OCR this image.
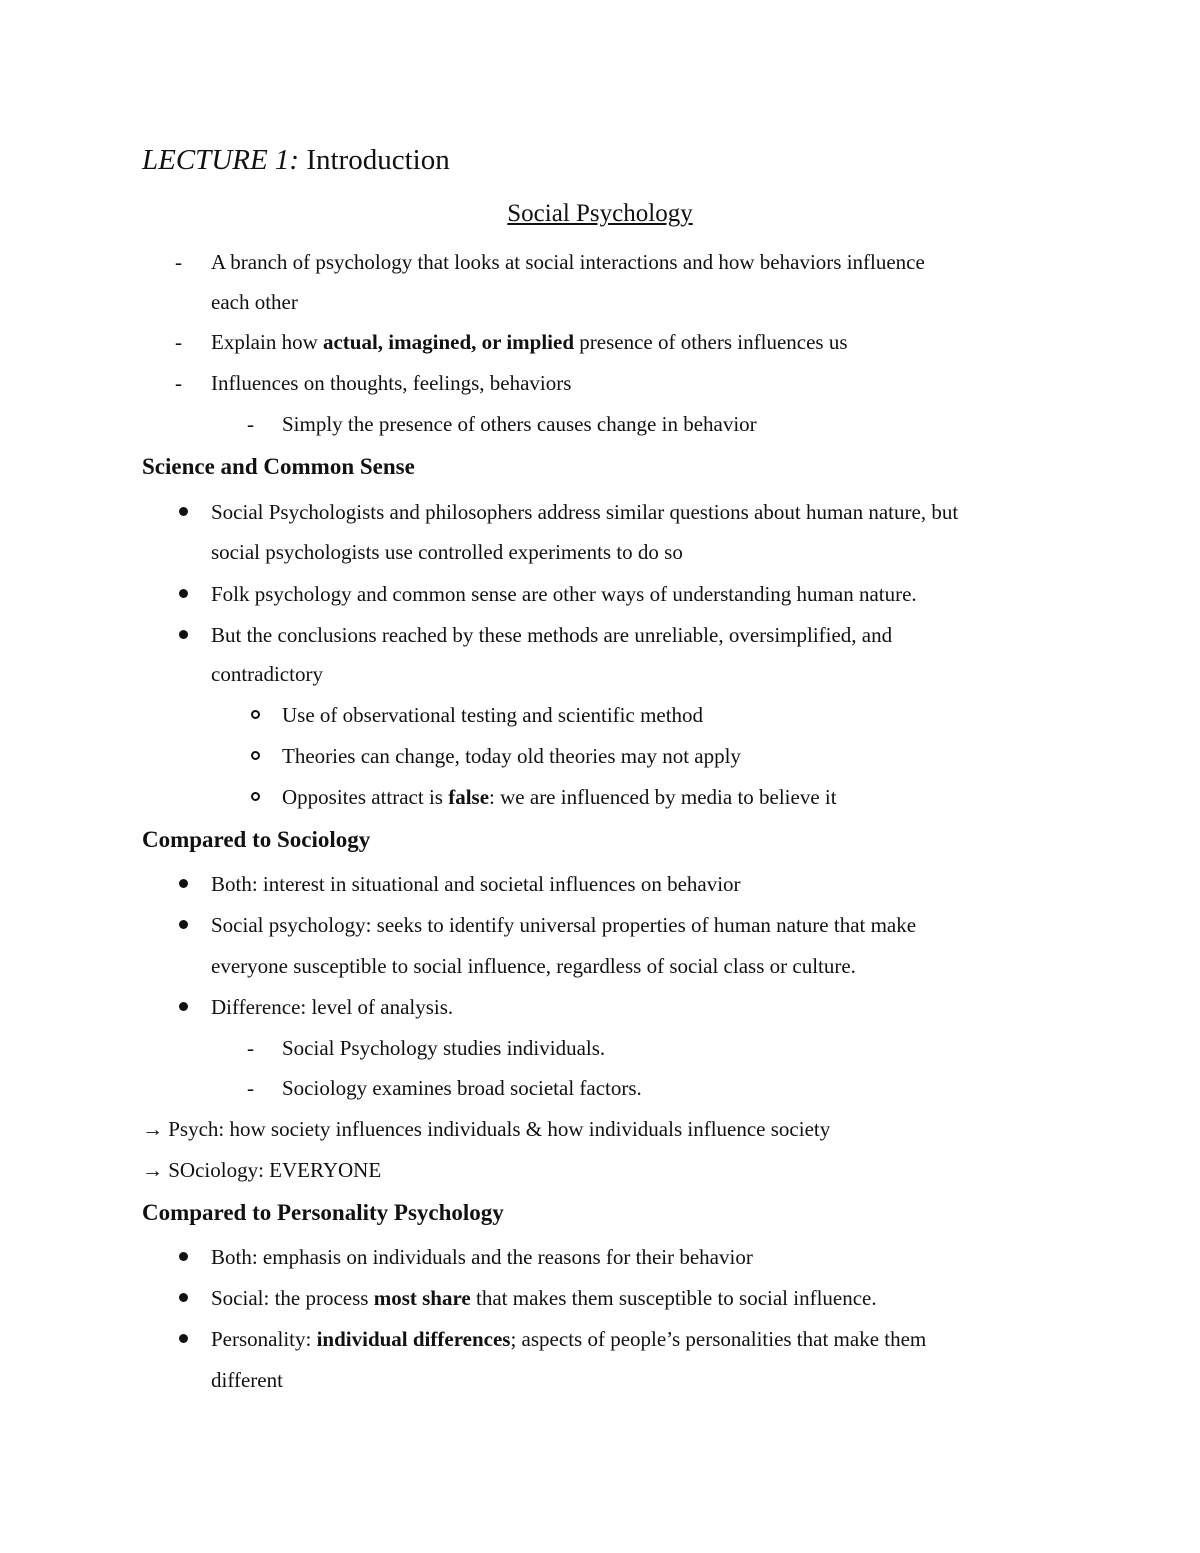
LECTURE 1: Introduction
Social Psychology
- A branch of psychology that looks at social interactions and how behaviors influence
each other
- Explain how actual, imagined, or implied presence of others influences us
- Influences on thoughts, feelings, behaviors
- Simply the presence of others causes change in behavior
Science and Common Sense
Social Psychologists and philosophers address similar questions about human nature, but
social psychologists use controlled experiments to do so
Folk psychology and common sense are other ways of understanding human nature.
But the conclusions reached by these methods are unreliable, oversimplified, and
contradictory
Use of observational testing and scientific method
Theories can change, today old theories may not apply
Opposites attract is false: we are influenced by media to believe it
Compared to Sociology
Both: interest in situational and societal influences on behavior
Social psychology: seeks to identify universal properties of human nature that make
everyone susceptible to social influence, regardless of social class or culture.
Difference: level of analysis.
- Social Psychology studies individuals.
- Sociology examines broad societal factors.
→ Psych: how society influences individuals & how individuals influence society
→ SOciology: EVERYONE
Compared to Personality Psychology
Both: emphasis on individuals and the reasons for their behavior
Social: the process most share that makes them susceptible to social influence.
Personality: individual differences; aspects of people’s personalities that make them
different
